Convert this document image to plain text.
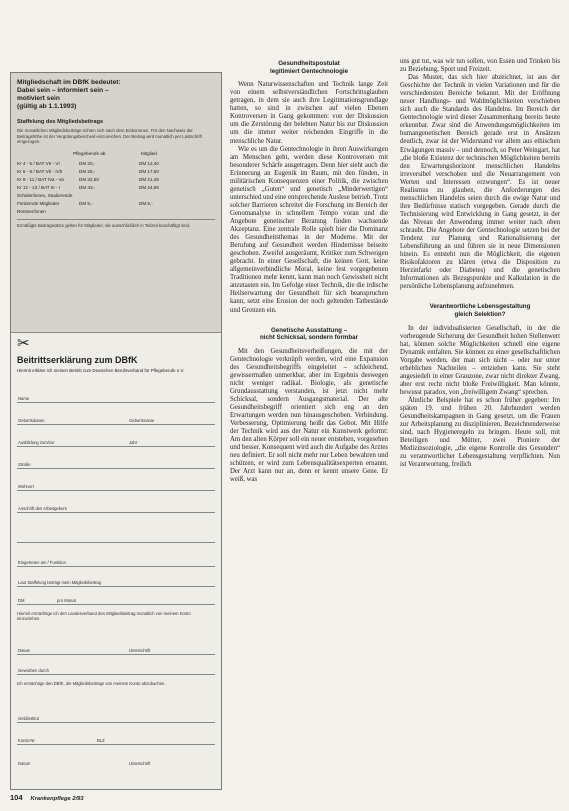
Mitgliedschaft im DBfK bedeutet:
Dabei sein – informiert sein –
motiviert sein
(gültig ab 1.1.1993)
Staffelung des Mitgliedsbeitrags
Die monatlichen Mitgliedsbeiträge richten sich nach dem Einkommen. Für den Nachweis der Beitragshöhe ist der Vergütungsbescheid einzureichen. Der Beitrag wird monatlich per Lastschrift eingezogen.
Pflegeberufe ab	Mitglied
Kr 4 - 5 / BAT VII - VI	DM 20,-	DM 12,40
Kr 6 - 8 / BAT Vb - IVb	DM 25,-	DM 17,50
Kr 9 - 11 / BAT IVa - Va	DM 32,50	DM 21,45
Kr 12 - 13 / BAT III - I	DM 43,-	DM 24,95
Schüler/innen, Studierende
Fördernde Mitglieder	DM 5,-	DM 5,-
Rentner/innen
Ermäßigte Beitragssätze gelten für Mitglieder, die ausschließlich in Teilzeit beschäftigt sind.
✂
Beitrittserklärung zum DBfK
Hiermit erkläre ich meinen Beitritt zum Deutschen Berufsverband für Pflegeberufe e.V.
Name
Geburtsdatum	Geburtsname
Ausbildung zum/zur	Jahr
Straße
Wohnort
Anschrift des Arbeitgebers
Eingetreten am / Funktion
Laut Staffelung beträgt mein Mitgliedsbeitrag
DM	pro Monat
Hiermit ermächtige ich den Landesverband den Mitgliedsbeitrag monatlich von meinem Konto einzuziehen.
Datum	Unterschrift
Geworben durch
Ich ermächtige den DBfK, die Mitgliedsbeiträge von meinem Konto abzubuchen.
Geldinstitut
Konto-Nr.	BLZ
Datum	Unterschrift
Gesundheitspostulat
legitimiert Gentechnologie

Wenn Naturwissenschaften und Technik lange Zeit von einem selbstverständlichen Fortschrittsglauben getragen, in dem sie auch ihre Legitimationsgrundlage hatten, so sind in zwischen auf vielen Ebenen Kontroversen in Gang gekommen: von der Diskussion um die Zerstörung der belebten Natur bis zur Diskussion um die immer weiter reichenden Eingriffe in die menschliche Natur.

Wie es um die Gentechnologie in ihren Auswirkungen am Menschen geht, werden diese Kontroversen mit besonderer Schärfe ausgetragen. Denn hier sieht auch die Erinnerung an Eugenik im Raum, mit den fünden, in militärischen Konsequenzen einer Politik, die zwischen genetisch „Guten“ und genetisch „Minderwertigen“ unterschied und eine entsprechende Auslese betrieb. Trotz solcher Barrieren schreitet die Forschung im Bereich der Genomanalyse in schnellem Tempo voran und die Angebote genetischer Beratung finden wachsende Akzeptanz. Eine zentrale Rolle spielt hier die Dominanz des Gesundheitsthemas in der Moderne. Mit der Berufung auf Gesundheit werden Hindernisse beiseite geschoben. Zweifel ausgeräumt, Kritiker zum Schweigen gebracht. In einer Gesellschaft, die keinen Gott, keine allgemeinverbindliche Moral, keine fest vorgegebenen Traditionen mehr kennt, kann man noch Gewissheit nicht anzutasten ein. Im Gefolge einer Technik, die die irdische Heilserwartung der Gesundheit für sich beanspruchen kann, setzt eine Erosion der noch geltenden Tatbestände und Grenzen ein.

Genetische Ausstattung –
nicht Schicksal, sondern formbar

Mit den Gesundheitsverheißungen, die mit der Gentechnologie verknüpft werden, wird eine Expansion des Gesundheitsbegriffs eingeleitet – schleichend, gewissermaßen unmerkbar, aber im Ergebnis deswegen nicht weniger radikal. Biologie, als genetische Grundausstattung verstanden, ist jetzt nicht mehr Schicksal, sondern Ausgangsmaterial. Der alte Gesundheitsbegriff orientiert sich eng an den Erwartungen werden nun hinausgeschoben. Verbindung. Verbesserung, Optimierung heißt das Gebot. Mit Hilfe der Technik wird aus der Natur ein Kunstwerk geformt: Am den alten Körper soll ein neuer entstehen, vorgesehen und besser. Konsequent wird auch die Aufgabe des Arztes neu definiert. Er soll nicht mehr nur Leben bewahren und schützen, er wird zum Lebensqualitätsexperten ernannt. Der Arzt kann nur an, denn er kennt unsere Gene. Er weiß, was

uns gut tut, was wir tun sollen, von Essen und Trinken bis zu Beziehung, Sport und Freizeit.

Das Muster, das sich hier abzeichnet, ist aus der Geschichte der Technik in vielen Variationen und für die verschiedensten Bereiche bekannt. Mit der Eröffnung neuer Handlungs- und Wahlmöglichkeiten verschieben sich auch die Standards des Handelns. Im Bereich der Gentechnologie wird dieser Zusammenhang bereits heute erkennbar. Zwar sind die Anwendungsmöglichkeiten im humangenetischen Bereich gerade erst in Ansätzen deutlich, zwar ist der Widerstand vor allem aus ethischen Erwägungen massiv – und dennoch, so Peter Weingart, hat „die bloße Existenz der technischen Möglichkeiten bereits den Erwartungshorizont menschlichen Handelns irreversibel verschoben und die Neuarrangement von Werten und Interessen erzwungen“. Es ist neuer Realismus zu glauben, die Anforderungen des menschlichen Handelns seien durch die ewige Natur und ihre Bedürfnisse statisch vorgegeben. Gerade durch die Technisierung wird Entwicklung in Gang gesetzt, in der das Niveau der Anwendung immer weiter nach oben schraubt. Die Angebote der Gentechnologie setzen bei der Tendenz zur Planung und Rationalisierung der Lebensführung an und führen sie in neue Dimensionen hinein. Es entsteht nun die Möglichkeit, die eigenen Risikofaktoren zu klären (etwa die Disposition zu Herzinfarkt oder Diabetes) und die genetischen Informationen als Bezugspunkte und Kalkulation in die persönliche Lebensplanung aufzunehmen.

Verantwortliche Lebensgestaltung
gleich Selektion?

In der individualisierten Gesellschaft, in der die vorbeugende Sicherung der Gesundheit hohen Stellenwert hat, können solche Möglichkeiten schnell eine eigene Dynamik entfalten. Sie können zu einer gesellschaftlichen Vorgabe werden, der man sich nicht – oder nur unter erheblichen Nachteilen – entziehen kann. Sie steht angesiedelt in einer Grauzone, zwar nicht direkter Zwang, aber erst recht nicht bloße Freiwilligkeit. Man könnte, bewusst paradox, von „freiwilligem Zwang“ sprechen.

Ähnliche Beispiele hat es schon früher gegeben: Im späten 19. und frühen 20. Jahrhundert werden Gesundheitskampagnen in Gang gesetzt, um die Frauen zur Arbeitsplanung zu disziplinieren. Bezeichnenderweise sind, nach Hygieneregeln zu bringen. Heute soll, mit Beteiligen und Mütter, zwei Pioniere der Medizinsoziologie, „die eigene Kontrolle des Gesunden“ zu verantwortlicher Lebensgestaltung verpflichten. Nun ist Verantwortung, freilich

104 Krankenpflege 2/93
